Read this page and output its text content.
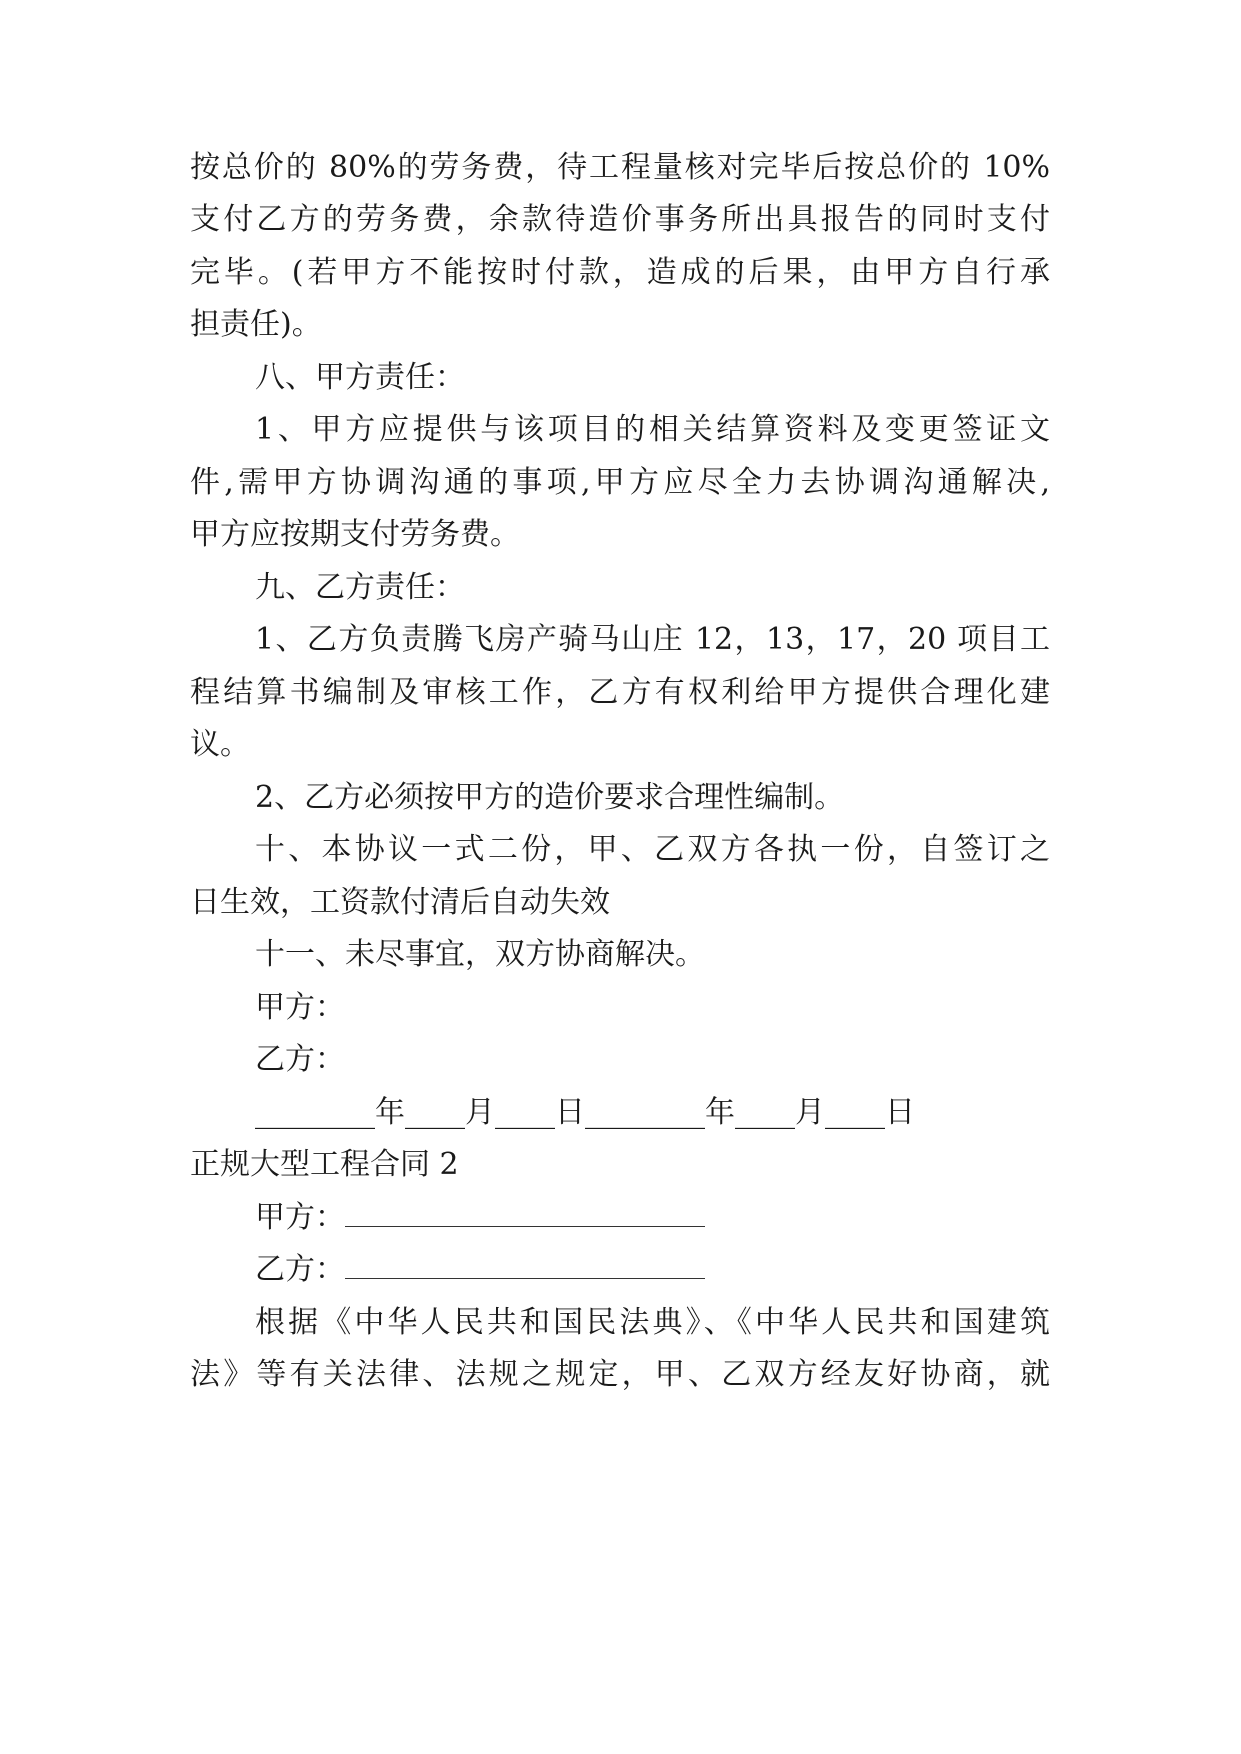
按总价的 80%的劳务费，待工程量核对完毕后按总价的 10%
支付乙方的劳务费，余款待造价事务所出具报告的同时支付
完毕。(若甲方不能按时付款，造成的后果，由甲方自行承
担责任)。
八、甲方责任：
1、甲方应提供与该项目的相关结算资料及变更签证文
件,需甲方协调沟通的事项,甲方应尽全力去协调沟通解决,
甲方应按期支付劳务费。
九、乙方责任：
1、乙方负责腾飞房产骑马山庄 12，13，17，20 项目工
程结算书编制及审核工作，乙方有权利给甲方提供合理化建
议。
2、乙方必须按甲方的造价要求合理性编制。
十、本协议一式二份，甲、乙双方各执一份，自签订之
日生效，工资款付清后自动失效
十一、未尽事宜，双方协商解决。
甲方：
乙方：
________年____月____日________年____月____日
正规大型工程合同 2
甲方：
乙方：
根据《中华人民共和国民法典》、《中华人民共和国建筑
法》等有关法律、法规之规定，甲、乙双方经友好协商，就
